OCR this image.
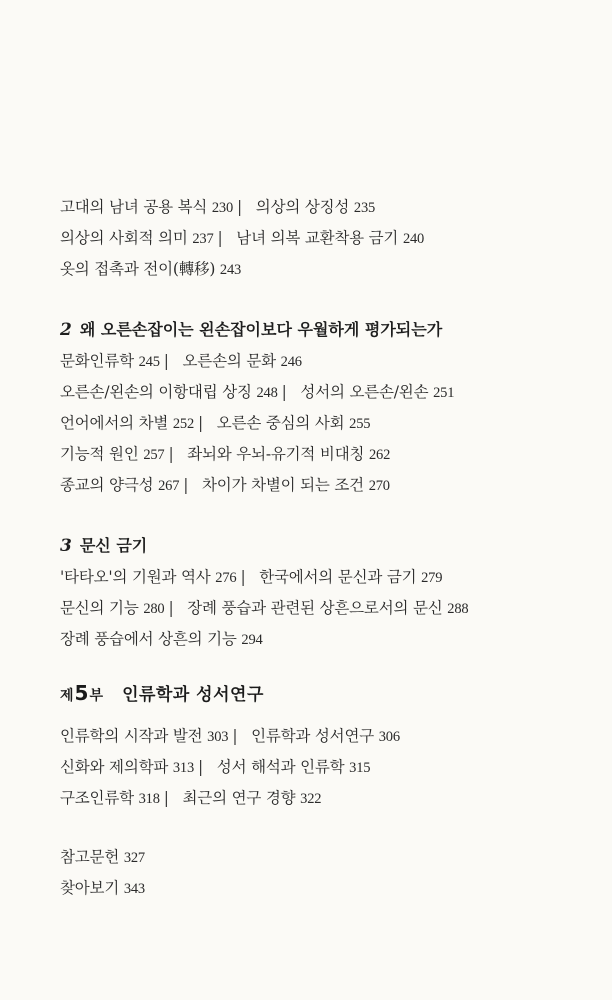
고대의 남녀 공용 복식 230 | 의상의 상징성 235
의상의 사회적 의미 237 | 남녀 의복 교환착용 금기 240
옷의 접촉과 전이(轉移) 243
2 왜 오른손잡이는 왼손잡이보다 우월하게 평가되는가
문화인류학 245 | 오른손의 문화 246
오른손/왼손의 이항대립 상징 248 | 성서의 오른손/왼손 251
언어에서의 차별 252 | 오른손 중심의 사회 255
기능적 원인 257 | 좌뇌와 우뇌-유기적 비대칭 262
종교의 양극성 267 | 차이가 차별이 되는 조건 270
3 문신 금기
'타타오'의 기원과 역사 276 | 한국에서의 문신과 금기 279
문신의 기능 280 | 장례 풍습과 관련된 상흔으로서의 문신 288
장례 풍습에서 상흔의 기능 294
제5부 인류학과 성서연구
인류학의 시작과 발전 303 | 인류학과 성서연구 306
신화와 제의학파 313 | 성서 해석과 인류학 315
구조인류학 318 | 최근의 연구 경향 322
참고문헌 327
찾아보기 343
